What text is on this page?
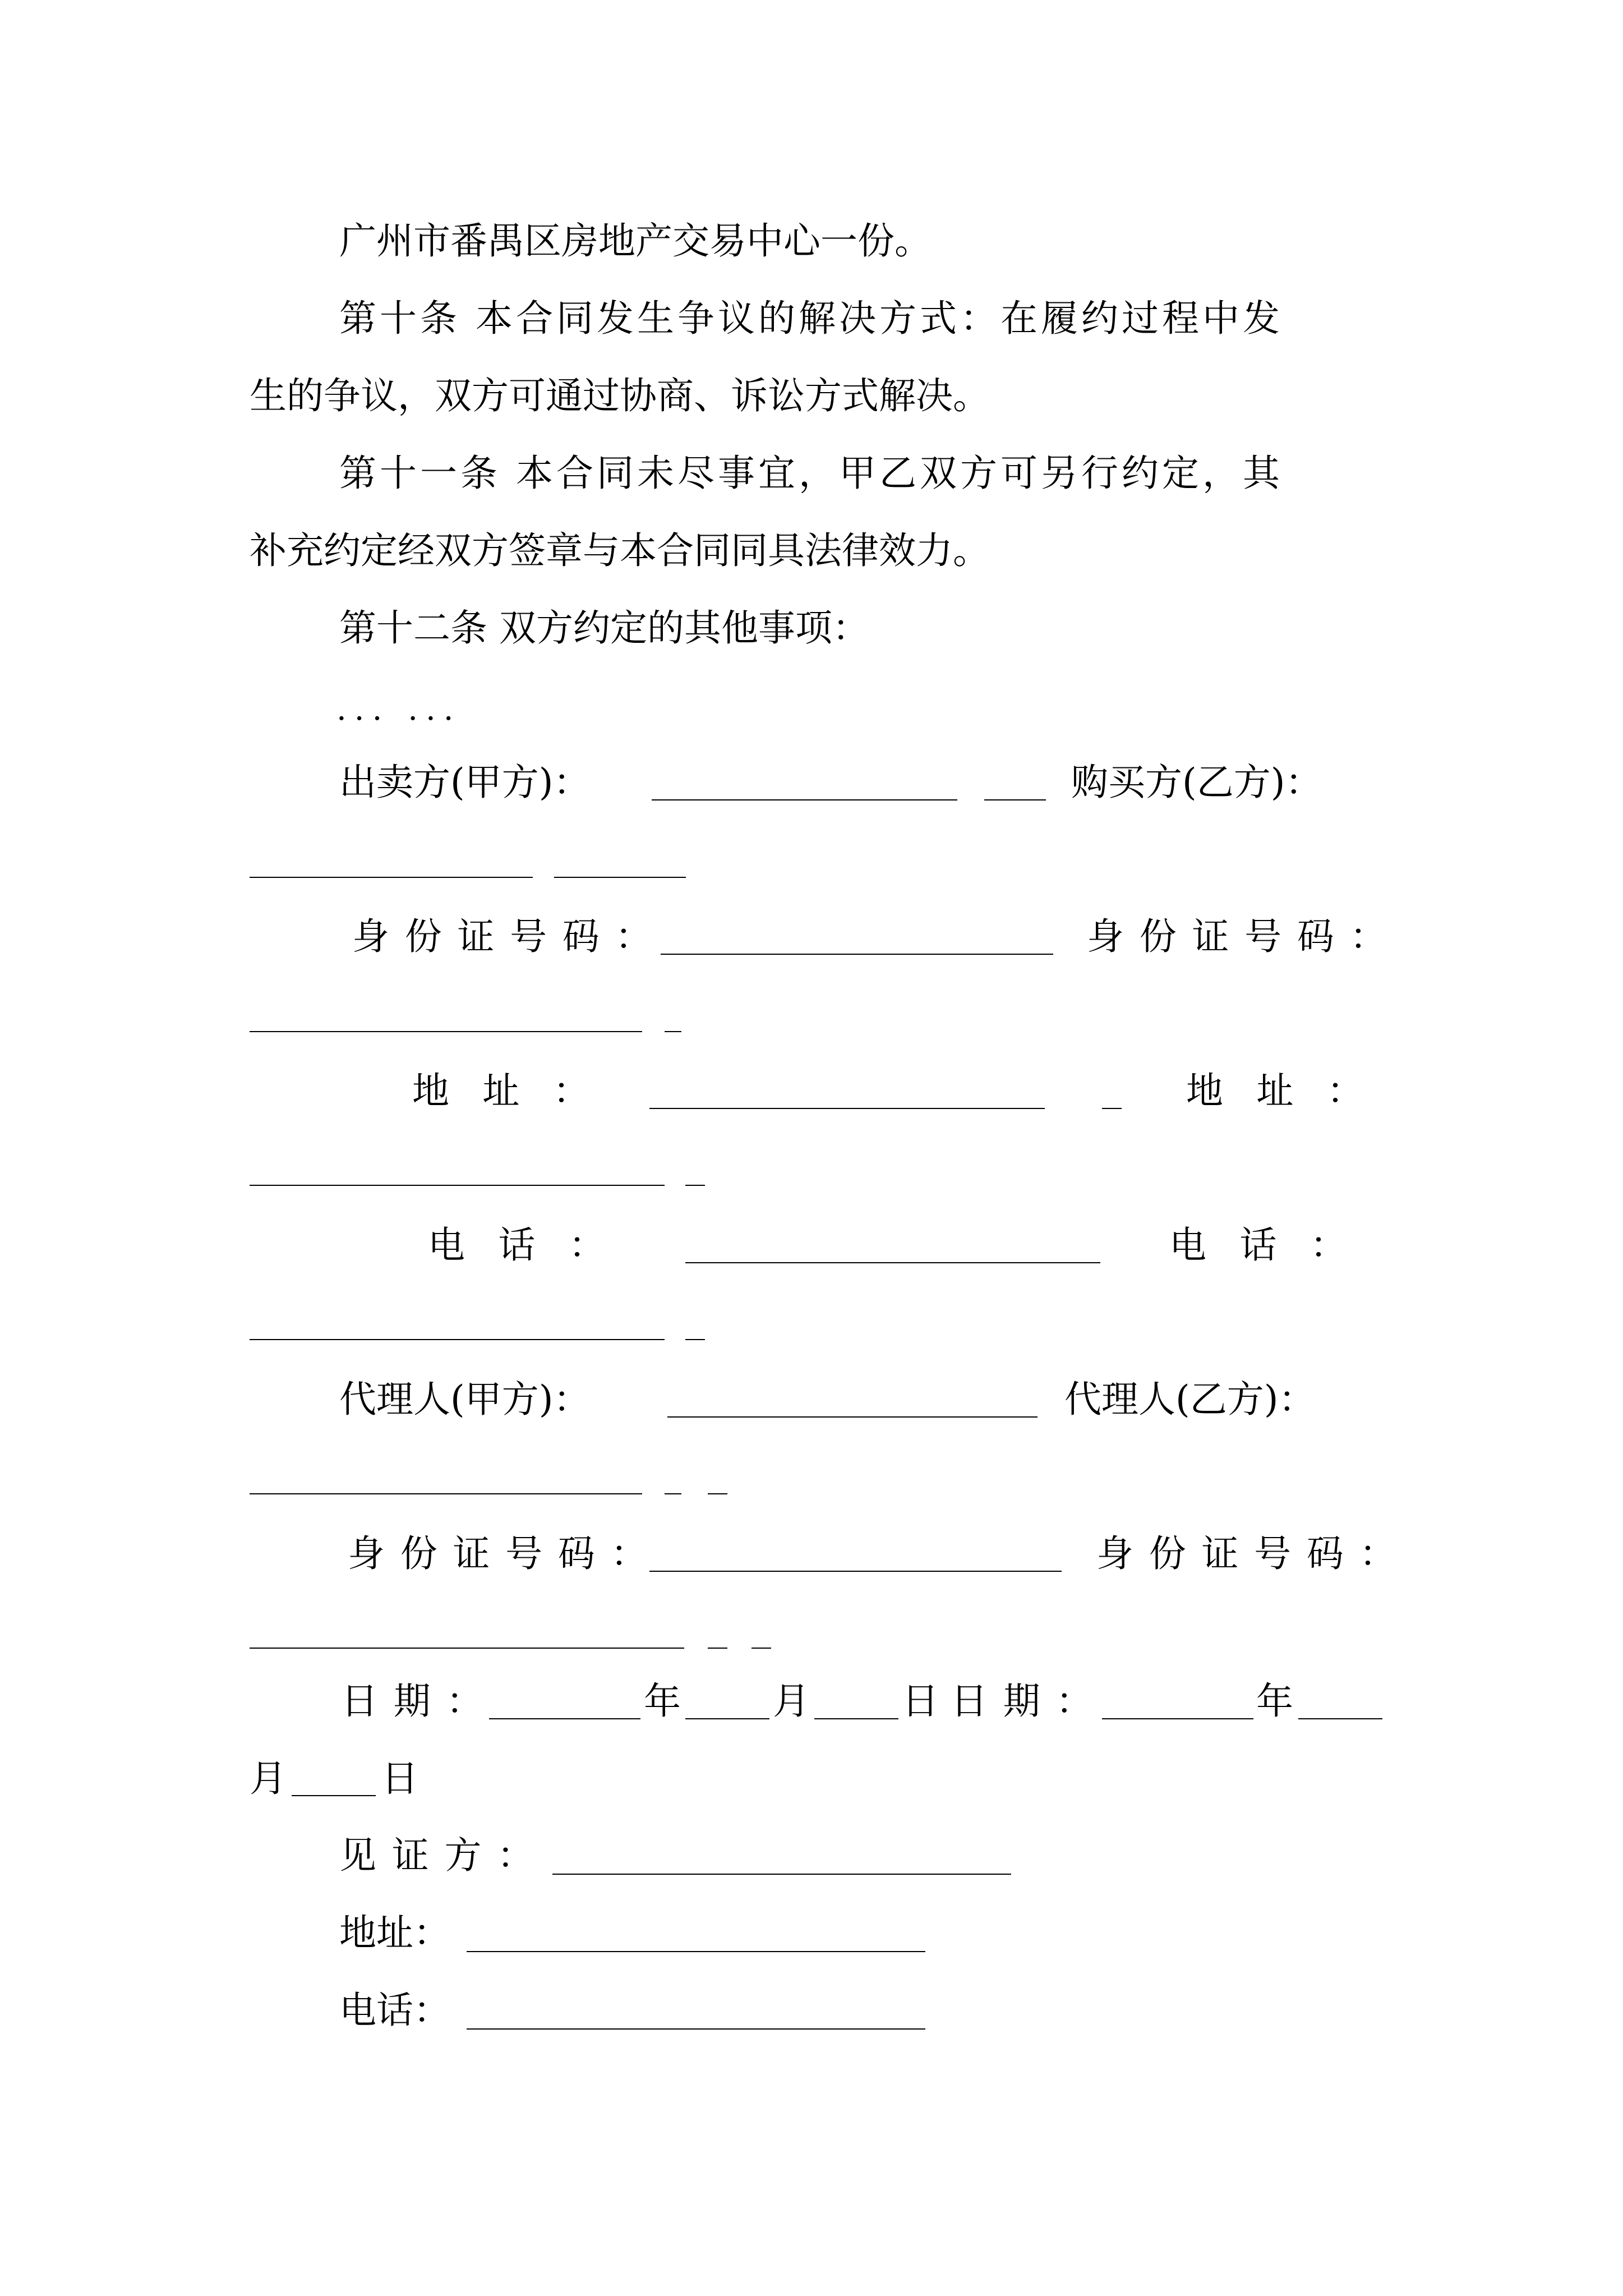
广州市番禺区房地产交易中心一份。
第十条 本合同发生争议的解决方式：在履约过程中发
生的争议，双方可通过协商、诉讼方式解决。
第十一条 本合同未尽事宜，甲乙双方可另行约定，其
补充约定经双方签章与本合同同具法律效力。
第十二条 双方约定的其他事项：
... ...
出卖方(甲方)：	购买方(乙方)：
身份证号码：	身份证号码：
地址：	地址：
电话：	电话：
代理人(甲方)：	代理人(乙方)：
身份证号码：	身份证号码：
日期：	年 月 日 日期：	年
月	日
见证方：
地址：
电话：
